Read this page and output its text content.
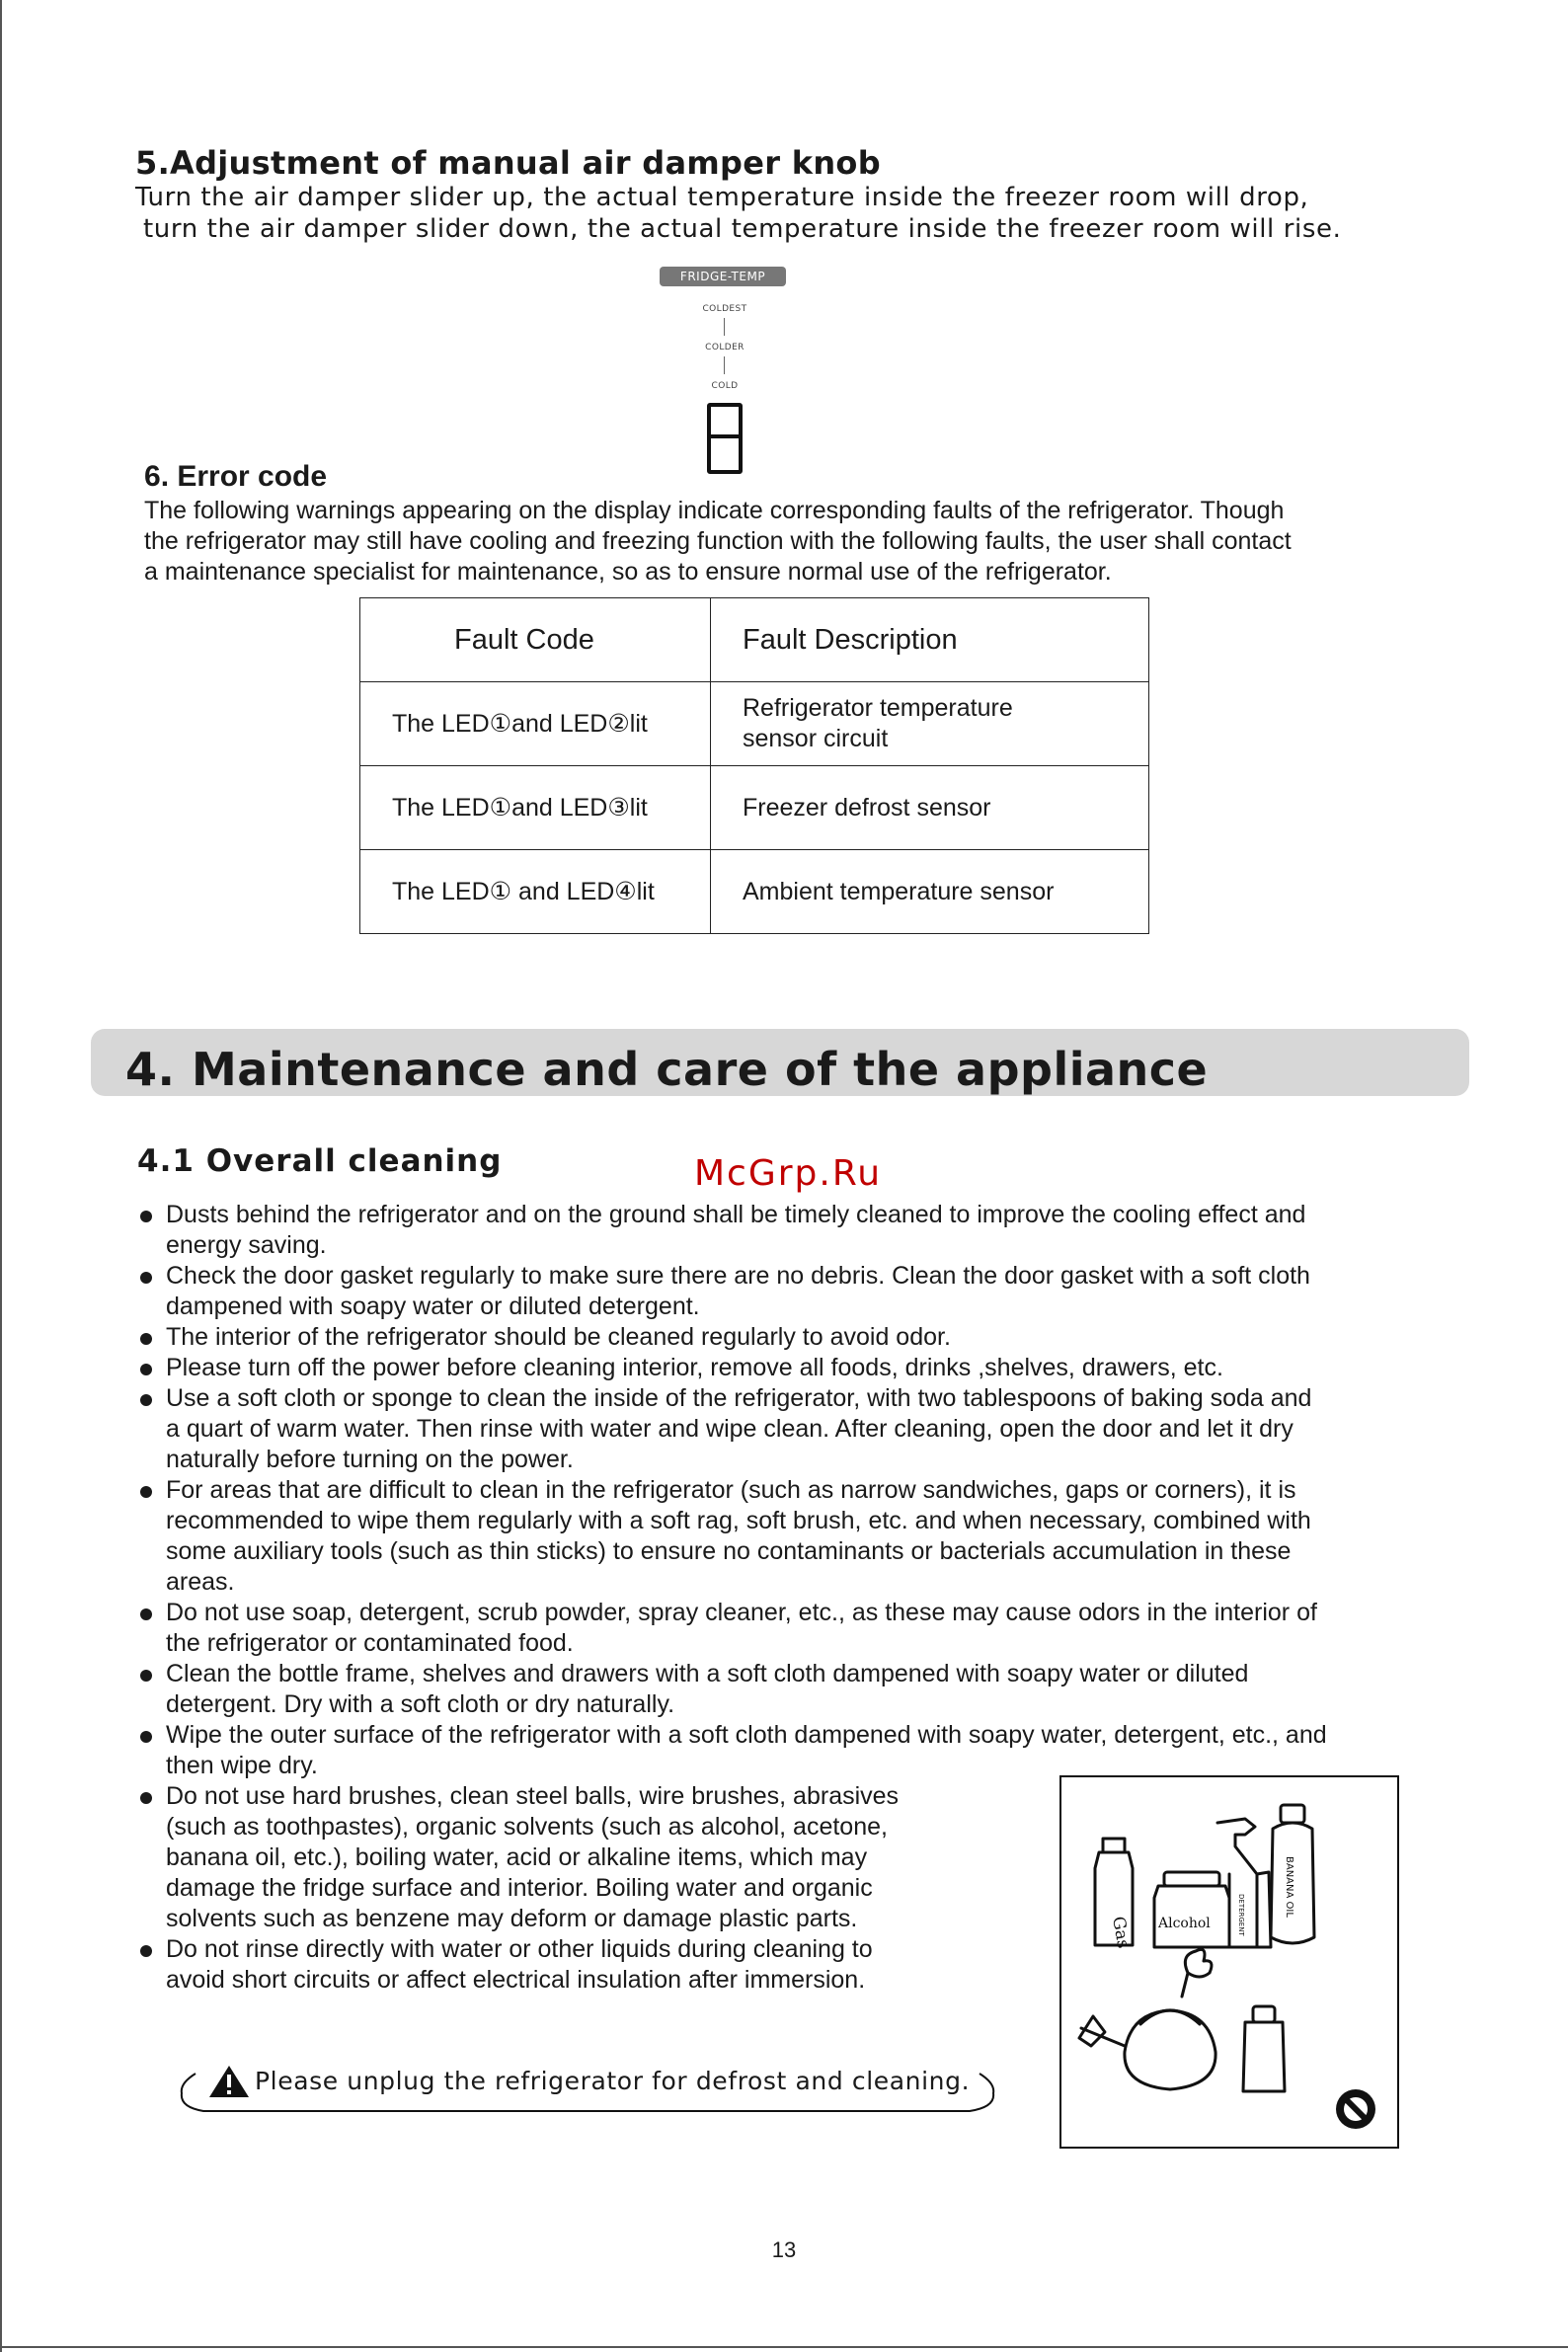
5.Adjustment of manual air damper knob
Turn the air damper slider up, the actual temperature inside the freezer room will drop,
turn the air damper slider down, the actual temperature inside the freezer room will rise.
FRIDGE-TEMP
COLDEST
COLDER
COLD
6. Error code
The following warnings appearing on the display indicate corresponding faults of the refrigerator. Though
the refrigerator may still have cooling and freezing function with the following faults, the user shall contact
a maintenance specialist for maintenance, so as to ensure normal use of the refrigerator.
Fault Code	Fault Description
The LED①and LED②lit	Refrigerator temperature
sensor circuit

The LED①and LED③lit	Freezer defrost sensor
The LED① and LED④lit	Ambient temperature sensor
4. Maintenance and care of the appliance
4.1 Overall cleaning	McGrp.Ru
Dusts behind the refrigerator and on the ground shall be timely cleaned to improve the cooling effect and
energy saving.
Check the door gasket regularly to make sure there are no debris. Clean the door gasket with a soft cloth
dampened with soapy water or diluted detergent.
The interior of the refrigerator should be cleaned regularly to avoid odor.
Please turn off the power before cleaning interior, remove all foods, drinks ,shelves, drawers, etc.
Use a soft cloth or sponge to clean the inside of the refrigerator, with two tablespoons of baking soda and
a quart of warm water. Then rinse with water and wipe clean. After cleaning, open the door and let it dry
naturally before turning on the power.
For areas that are difficult to clean in the refrigerator (such as narrow sandwiches, gaps or corners), it is
recommended to wipe them regularly with a soft rag, soft brush, etc. and when necessary, combined with
some auxiliary tools (such as thin sticks) to ensure no contaminants or bacterials accumulation in these
areas.
Do not use soap, detergent, scrub powder, spray cleaner, etc., as these may cause odors in the interior of
the refrigerator or contaminated food.
Clean the bottle frame, shelves and drawers with a soft cloth dampened with soapy water or diluted
detergent. Dry with a soft cloth or dry naturally.
Wipe the outer surface of the refrigerator with a soft cloth dampened with soapy water, detergent, etc., and
then wipe dry.
Do not use hard brushes, clean steel balls, wire brushes, abrasives
(such as toothpastes), organic solvents (such as alcohol, acetone,
banana oil, etc.), boiling water, acid or alkaline items, which may
damage the fridge surface and interior. Boiling water and organic
solvents such as benzene may deform or damage plastic parts.
Do not rinse directly with water or other liquids during cleaning to
avoid short circuits or affect electrical insulation after immersion.
Gas Alcohol	DETERGENT	BANANA OIL
Please unplug the refrigerator for defrost and cleaning.
13
